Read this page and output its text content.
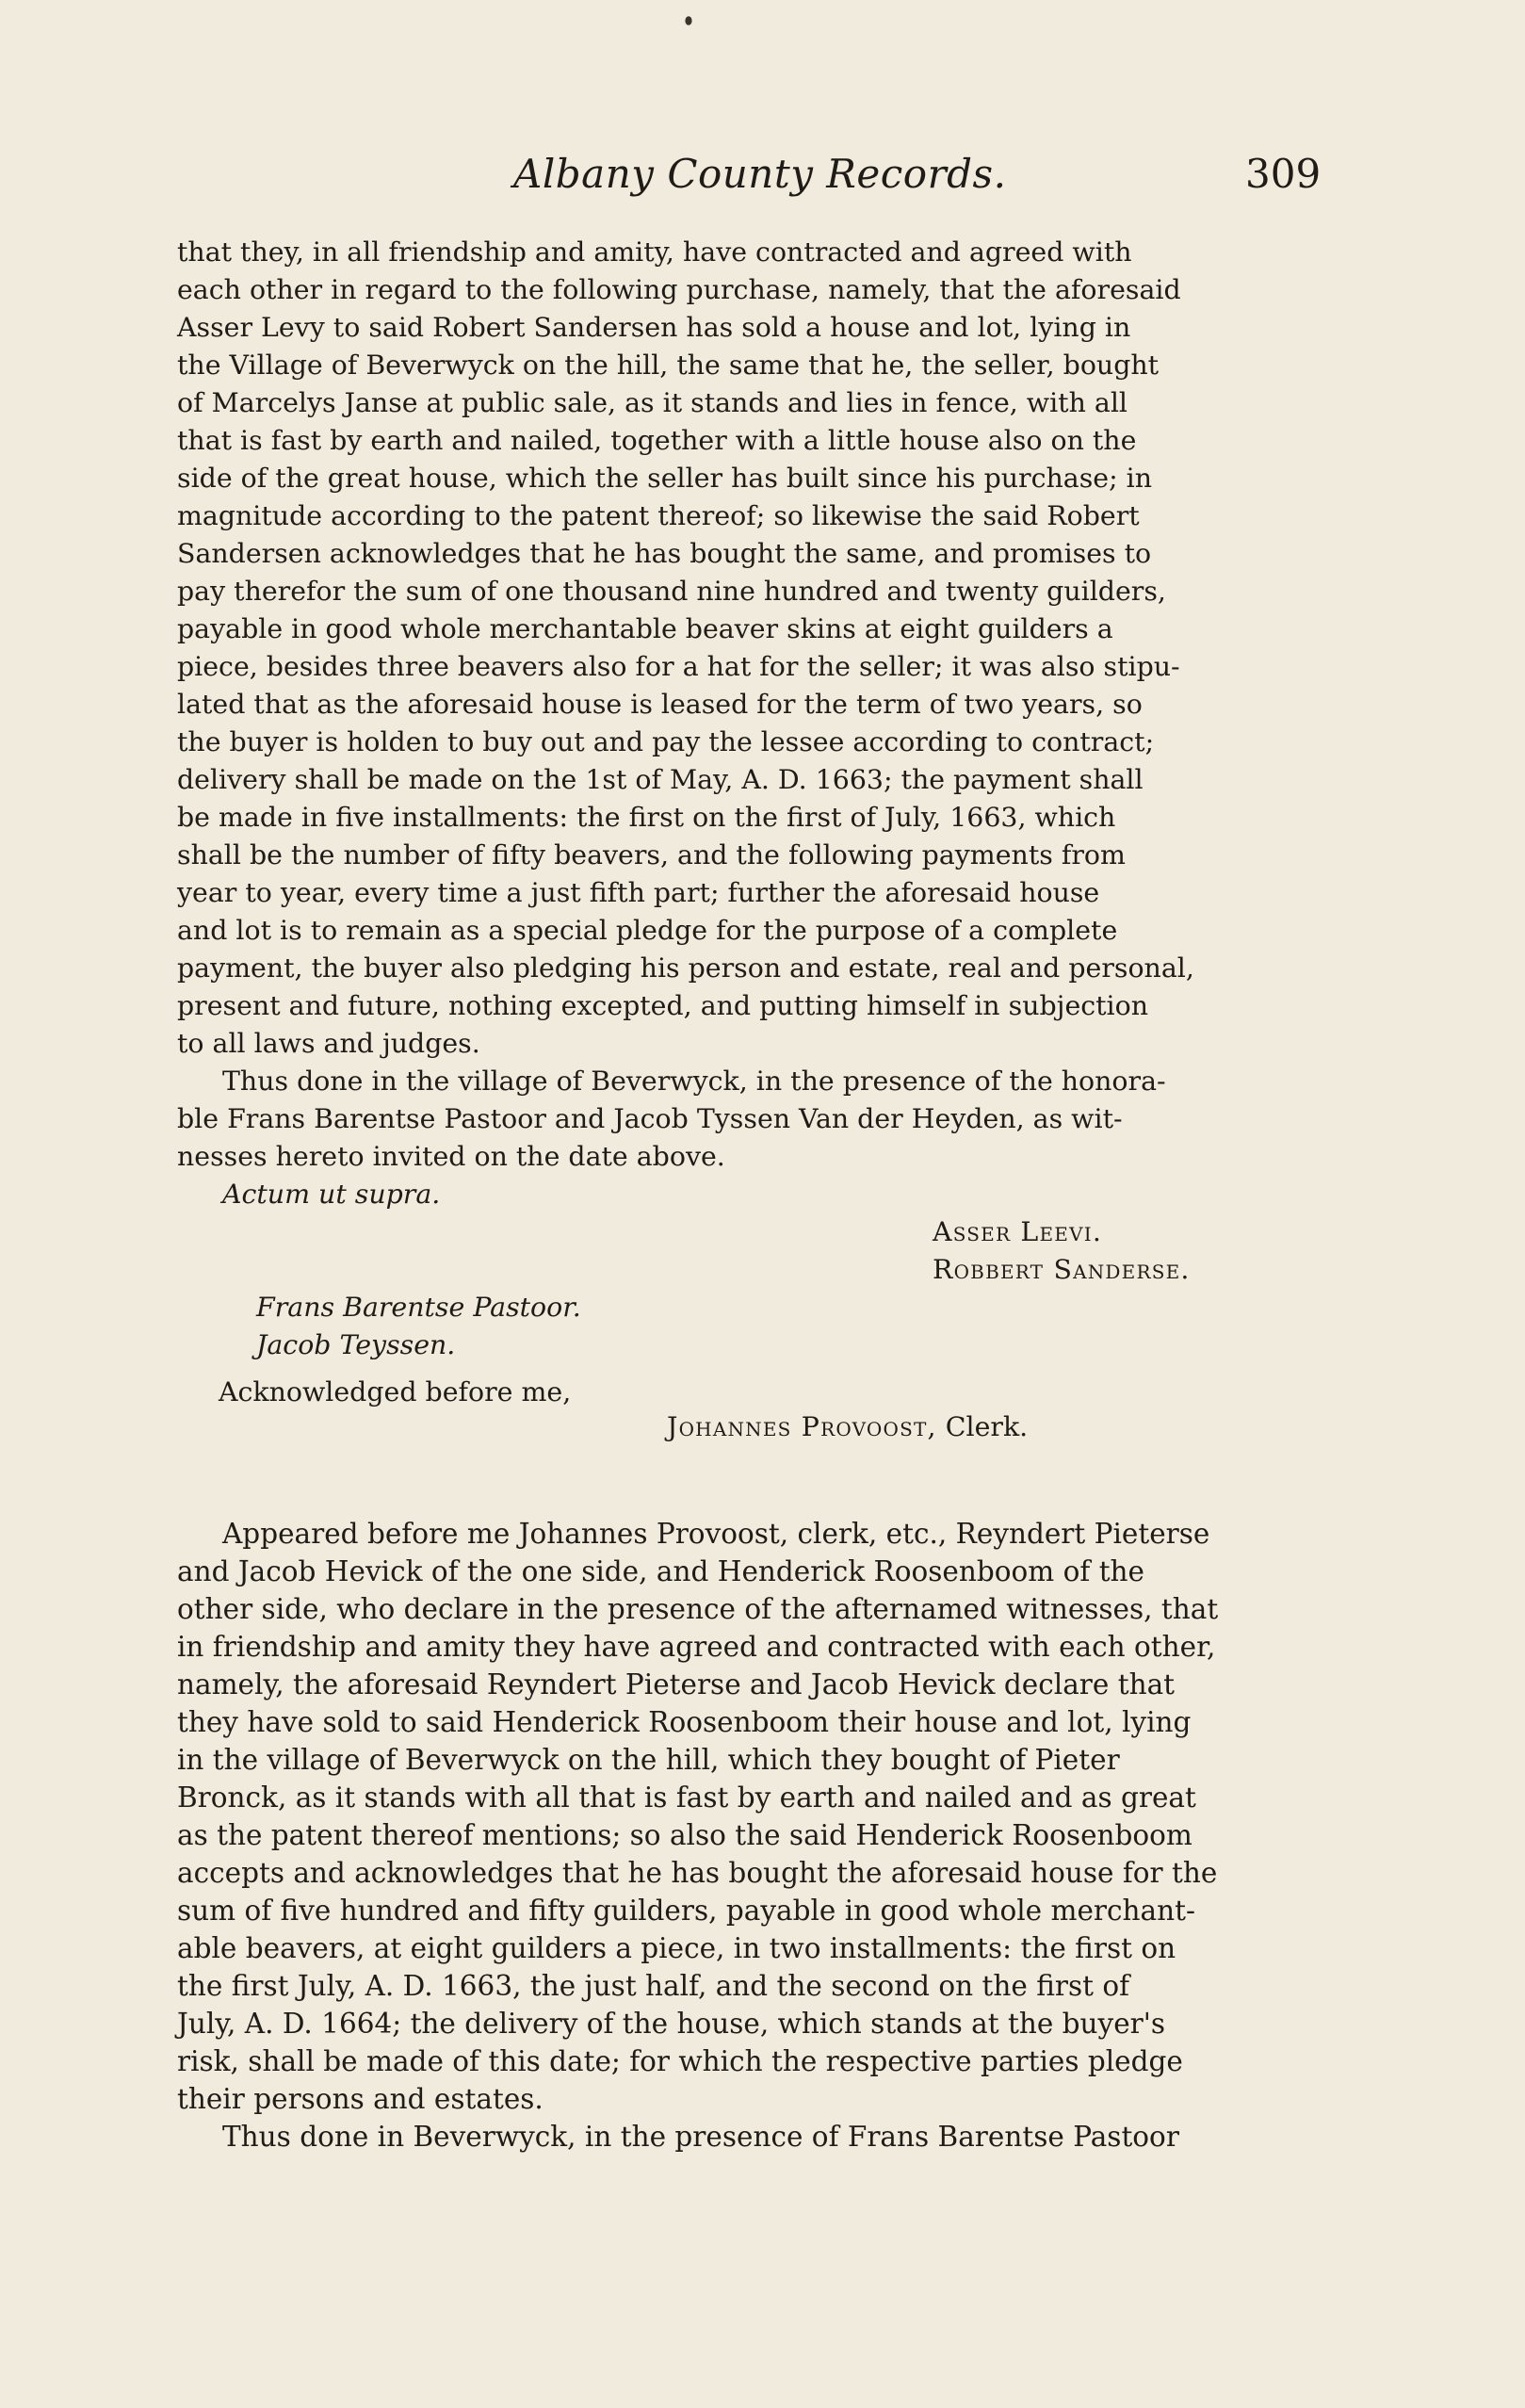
Albany County Records.	309
that they, in all friendship and amity, have contracted and agreed with
each other in regard to the following purchase, namely, that the aforesaid
Asser Levy to said Robert Sandersen has sold a house and lot, lying in
the Village of Beverwyck on the hill, the same that he, the seller, bought
of Marcelys Janse at public sale, as it stands and lies in fence, with all
that is fast by earth and nailed, together with a little house also on the
side of the great house, which the seller has built since his purchase; in
magnitude according to the patent thereof; so likewise the said Robert
Sandersen acknowledges that he has bought the same, and promises to
pay therefor the sum of one thousand nine hundred and twenty guilders,
payable in good whole merchantable beaver skins at eight guilders a
piece, besides three beavers also for a hat for the seller; it was also stipu-
lated that as the aforesaid house is leased for the term of two years, so
the buyer is holden to buy out and pay the lessee according to contract;
delivery shall be made on the 1st of May, A. D. 1663; the payment shall
be made in five installments: the first on the first of July, 1663, which
shall be the number of fifty beavers, and the following payments from
year to year, every time a just fifth part; further the aforesaid house
and lot is to remain as a special pledge for the purpose of a complete
payment, the buyer also pledging his person and estate, real and personal,
present and future, nothing excepted, and putting himself in subjection
to all laws and judges.
Thus done in the village of Beverwyck, in the presence of the honora-
ble Frans Barentse Pastoor and Jacob Tyssen Van der Heyden, as wit-
nesses hereto invited on the date above.
Actum ut supra.
Asser Leevi.
Robbert Sanderse.
Frans Barentse Pastoor.
Jacob Teyssen.
Acknowledged before me,
Johannes Provoost, Clerk.
Appeared before me Johannes Provoost, clerk, etc., Reyndert Pieterse
and Jacob Hevick of the one side, and Henderick Roosenboom of the
other side, who declare in the presence of the afternamed witnesses, that
in friendship and amity they have agreed and contracted with each other,
namely, the aforesaid Reyndert Pieterse and Jacob Hevick declare that
they have sold to said Henderick Roosenboom their house and lot, lying
in the village of Beverwyck on the hill, which they bought of Pieter
Bronck, as it stands with all that is fast by earth and nailed and as great
as the patent thereof mentions; so also the said Henderick Roosenboom
accepts and acknowledges that he has bought the aforesaid house for the
sum of five hundred and fifty guilders, payable in good whole merchant-
able beavers, at eight guilders a piece, in two installments: the first on
the first July, A. D. 1663, the just half, and the second on the first of
July, A. D. 1664; the delivery of the house, which stands at the buyer's
risk, shall be made of this date; for which the respective parties pledge
their persons and estates.
Thus done in Beverwyck, in the presence of Frans Barentse Pastoor
